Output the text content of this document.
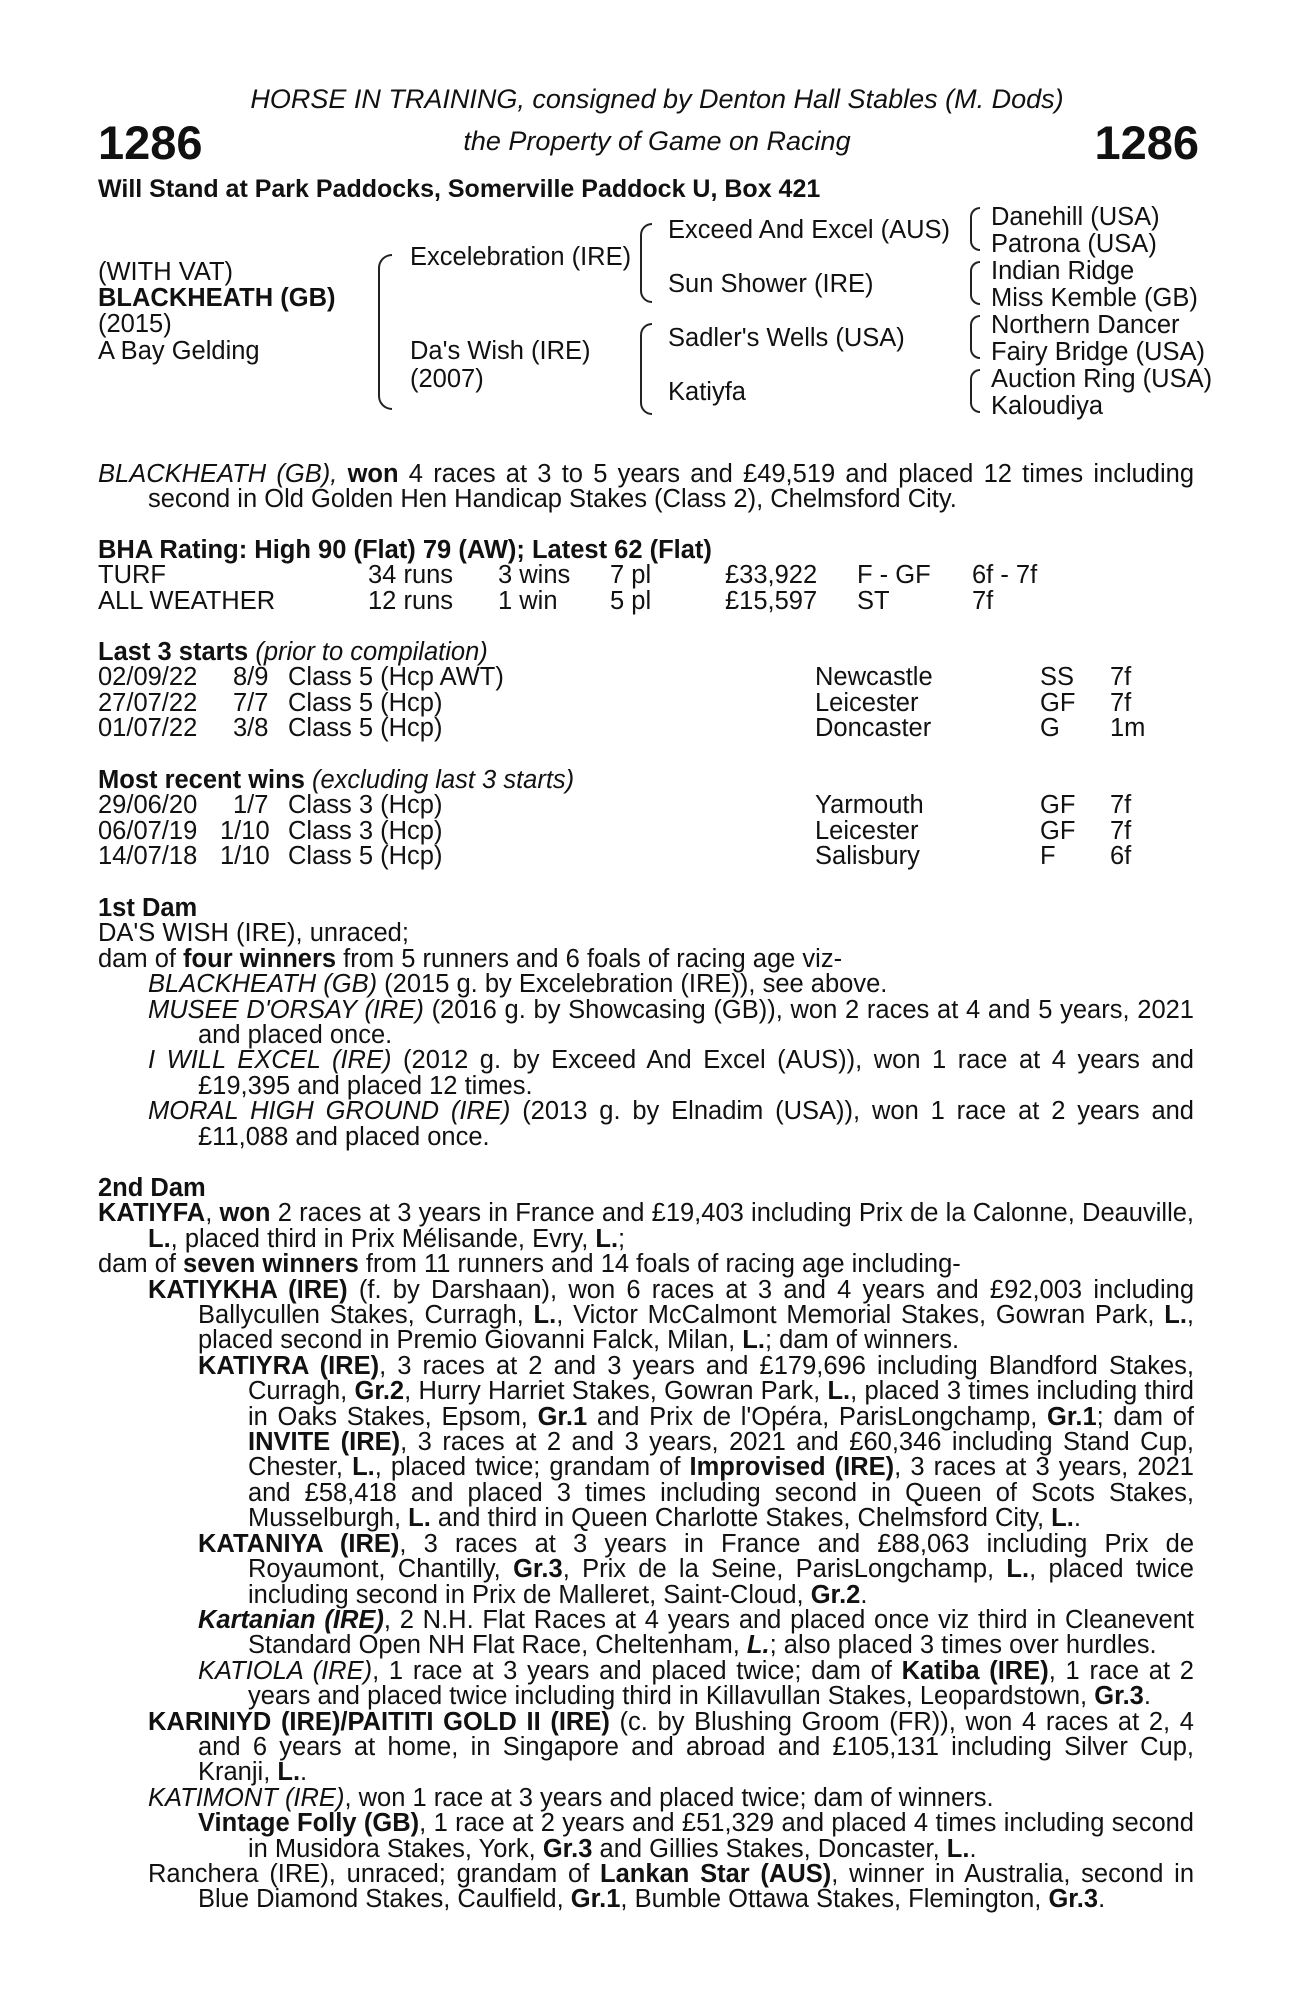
HORSE IN TRAINING, consigned by Denton Hall Stables (M. Dods)
1286	the Property of Game on Racing	1286
Will Stand at Park Paddocks, Somerville Paddock U, Box 421
(WITH VAT)
BLACKHEATH (GB)
(2015)
A Bay Gelding
Excelebration (IRE)
Da's Wish (IRE)
(2007)
Exceed And Excel (AUS)
Sun Shower (IRE)
Sadler's Wells (USA)
Katiyfa
Danehill (USA)
Patrona (USA)
Indian Ridge
Miss Kemble (GB)
Northern Dancer
Fairy Bridge (USA)
Auction Ring (USA)
Kaloudiya

BLACKHEATH (GB), won 4 races at 3 to 5 years and £49,519 and placed 12 times including second in Old Golden Hen Handicap Stakes (Class 2), Chelmsford City.

BHA Rating: High 90 (Flat) 79 (AW); Latest 62 (Flat)
TURF	34 runs 3 wins 7 pl	£33,922 F - GF 6f - 7f
ALL WEATHER	12 runs 1 win 5 pl	£15,597 ST	7f
Last 3 starts (prior to compilation)
02/09/22 8/9 Class 5 (Hcp AWT)	Newcastle	SS 7f
27/07/22 7/7 Class 5 (Hcp)	Leicester	GF 7f
01/07/22 3/8 Class 5 (Hcp)	Doncaster	G 1m
Most recent wins (excluding last 3 starts)
29/06/20 1/7 Class 3 (Hcp)	Yarmouth	GF 7f
06/07/19 1/10 Class 3 (Hcp)	Leicester	GF 7f
14/07/18 1/10 Class 5 (Hcp)	Salisbury	F 6f
1st Dam

DA'S WISH (IRE), unraced;

dam of four winners from 5 runners and 6 foals of racing age viz-

BLACKHEATH (GB) (2015 g. by Excelebration (IRE)), see above.

MUSEE D'ORSAY (IRE) (2016 g. by Showcasing (GB)), won 2 races at 4 and 5 years, 2021 and placed once.

I WILL EXCEL (IRE) (2012 g. by Exceed And Excel (AUS)), won 1 race at 4 years and £19,395 and placed 12 times.

MORAL HIGH GROUND (IRE) (2013 g. by Elnadim (USA)), won 1 race at 2 years and £11,088 and placed once.

2nd Dam

KATIYFA, won 2 races at 3 years in France and £19,403 including Prix de la Calonne, Deauville, L., placed third in Prix Mélisande, Evry, L.;

dam of seven winners from 11 runners and 14 foals of racing age including-

KATIYKHA (IRE) (f. by Darshaan), won 6 races at 3 and 4 years and £92,003 including Ballycullen Stakes, Curragh, L., Victor McCalmont Memorial Stakes, Gowran Park, L., placed second in Premio Giovanni Falck, Milan, L.; dam of winners.

KATIYRA (IRE), 3 races at 2 and 3 years and £179,696 including Blandford Stakes, Curragh, Gr.2, Hurry Harriet Stakes, Gowran Park, L., placed 3 times including third in Oaks Stakes, Epsom, Gr.1 and Prix de l'Opéra, ParisLongchamp, Gr.1; dam of INVITE (IRE), 3 races at 2 and 3 years, 2021 and £60,346 including Stand Cup, Chester, L., placed twice; grandam of Improvised (IRE), 3 races at 3 years, 2021 and £58,418 and placed 3 times including second in Queen of Scots Stakes, Musselburgh, L. and third in Queen Charlotte Stakes, Chelmsford City, L..

KATANIYA (IRE), 3 races at 3 years in France and £88,063 including Prix de Royaumont, Chantilly, Gr.3, Prix de la Seine, ParisLongchamp, L., placed twice including second in Prix de Malleret, Saint-Cloud, Gr.2.

Kartanian (IRE), 2 N.H. Flat Races at 4 years and placed once viz third in Cleanevent Standard Open NH Flat Race, Cheltenham, L.; also placed 3 times over hurdles.

KATIOLA (IRE), 1 race at 3 years and placed twice; dam of Katiba (IRE), 1 race at 2 years and placed twice including third in Killavullan Stakes, Leopardstown, Gr.3.

KARINIYD (IRE)/PAITITI GOLD II (IRE) (c. by Blushing Groom (FR)), won 4 races at 2, 4 and 6 years at home, in Singapore and abroad and £105,131 including Silver Cup, Kranji, L..

KATIMONT (IRE), won 1 race at 3 years and placed twice; dam of winners.

Vintage Folly (GB), 1 race at 2 years and £51,329 and placed 4 times including second in Musidora Stakes, York, Gr.3 and Gillies Stakes, Doncaster, L..

Ranchera (IRE), unraced; grandam of Lankan Star (AUS), winner in Australia, second in Blue Diamond Stakes, Caulfield, Gr.1, Bumble Ottawa Stakes, Flemington, Gr.3.
